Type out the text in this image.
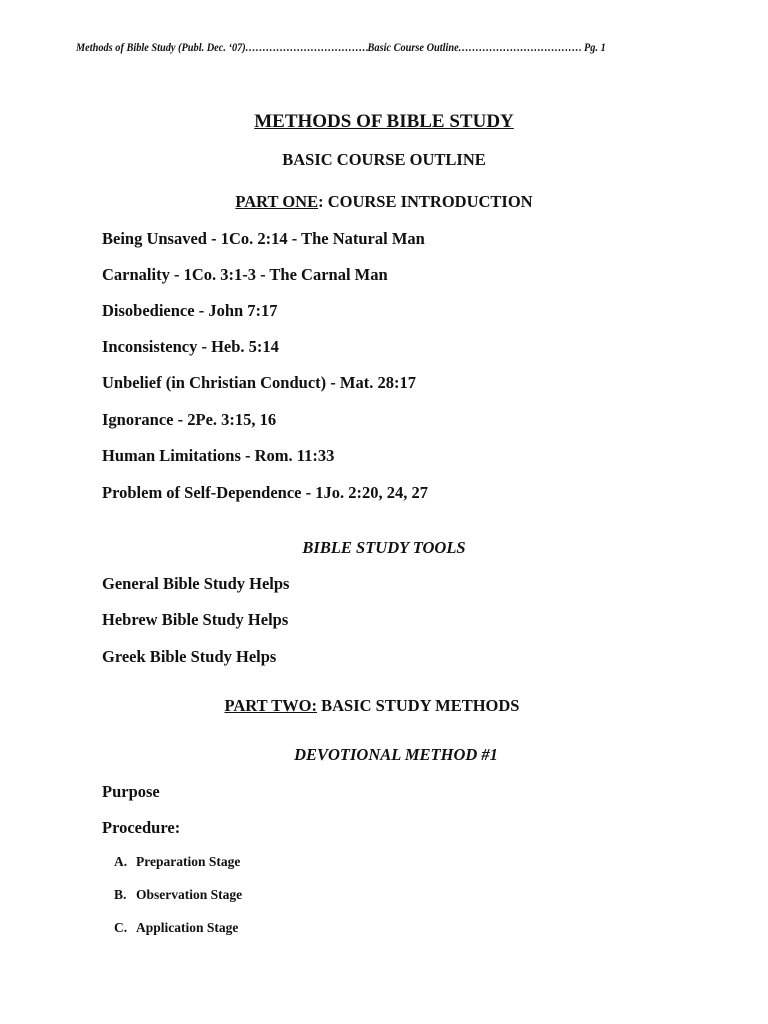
Methods of Bible Study (Publ. Dec. ‘07) .....	Basic Course Outline .....	Pg. 1
METHODS OF BIBLE STUDY
BASIC COURSE OUTLINE
PART ONE: COURSE INTRODUCTION
Being Unsaved - 1Co. 2:14 - The Natural Man
Carnality - 1Co. 3:1-3 - The Carnal Man
Disobedience - John 7:17
Inconsistency - Heb. 5:14
Unbelief (in Christian Conduct) - Mat. 28:17
Ignorance - 2Pe. 3:15, 16
Human Limitations - Rom. 11:33
Problem of Self-Dependence - 1Jo. 2:20, 24, 27
BIBLE STUDY TOOLS
General Bible Study Helps
Hebrew Bible Study Helps
Greek Bible Study Helps
PART TWO: BASIC STUDY METHODS
DEVOTIONAL METHOD #1
Purpose
Procedure:
A. Preparation Stage
B. Observation Stage
C. Application Stage
